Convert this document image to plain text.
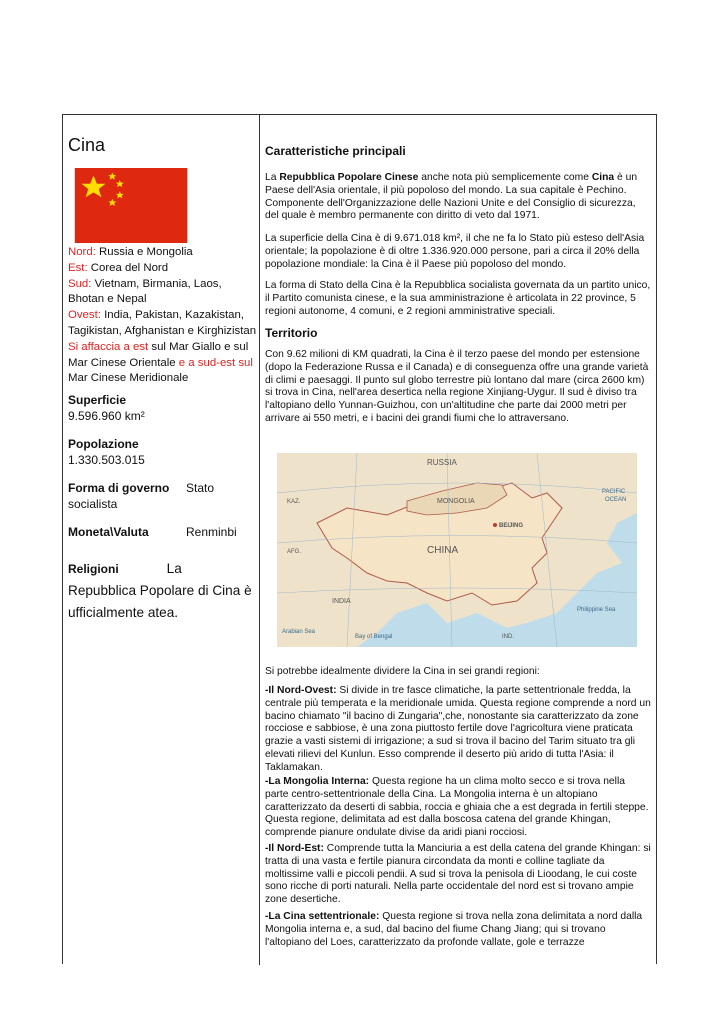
Cina
Nord: Russia e Mongolia
Est: Corea del Nord
Sud: Vietnam, Birmania, Laos,
Bhotan e Nepal
Ovest: India, Pakistan, Kazakistan,
Tagikistan, Afghanistan e Kirghizistan
Si affaccia a est sul Mar Giallo e sul
Mar Cinese Orientale e a sud-est sul
Mar Cinese Meridionale
Superficie
9.596.960 km²
Popolazione
1.330.503.015
Forma di governo Stato
socialista
Moneta\Valuta	Renminbi
Religioni	La
Repubblica Popolare di Cina è ufficialmente atea.
Caratteristiche principali

La Repubblica Popolare Cinese anche nota più semplicemente come Cina è un Paese dell'Asia orientale, il più popoloso del mondo. La sua capitale è Pechino. Componente dell'Organizzazione delle Nazioni Unite e del Consiglio di sicurezza, del quale è membro permanente con diritto di veto dal 1971.

La superficie della Cina è di 9.671.018 km², il che ne fa lo Stato più esteso dell'Asia orientale; la popolazione è di oltre 1.336.920.000 persone, pari a circa il 20% della popolazione mondiale: la Cina è il Paese più popoloso del mondo.

La forma di Stato della Cina è la Repubblica socialista governata da un partito unico, il Partito comunista cinese, e la sua amministrazione è articolata in 22 province, 5 regioni autonome, 4 comuni, e 2 regioni amministrative speciali.

Territorio

Con 9.62 milioni di KM quadrati, la Cina è il terzo paese del mondo per estensione (dopo la Federazione Russa e il Canada) e di conseguenza offre una grande varietà di climi e paesaggi. Il punto sul globo terrestre più lontano dal mare (circa 2600 km) si trova in Cina, nell'area desertica nella regione Xinjiang-Uygur. Il sud è diviso tra l'altopiano dello Yunnan-Guizhou, con un'altitudine che parte dai 2000 metri per arrivare ai 550 metri, e i bacini dei grandi fiumi che lo attraversano.

RUSSIA
MONGOLIA
BEIJING
CHINA
PACIFIC
OCEAN
Philippine Sea
Arabian Sea
Bay of Bengal
KAZ.
AFG.
INDIA
IND.

Si potrebbe idealmente dividere la Cina in sei grandi regioni:

-Il Nord-Ovest: Si divide in tre fasce climatiche, la parte settentrionale fredda, la centrale più temperata e la meridionale umida. Questa regione comprende a nord un bacino chiamato "il bacino di Zungaria",che, nonostante sia caratterizzato da zone rocciose e sabbiose, è una zona piuttosto fertile dove l'agricoltura viene praticata grazie a vasti sistemi di irrigazione; a sud si trova il bacino del Tarim situato tra gli elevati rilievi del Kunlun. Esso comprende il deserto più arido di tutta l'Asia: il Taklamakan.

-La Mongolia Interna: Questa regione ha un clima molto secco e si trova nella parte centro-settentrionale della Cina. La Mongolia interna è un altopiano caratterizzato da deserti di sabbia, roccia e ghiaia che a est degrada in fertili steppe. Questa regione, delimitata ad est dalla boscosa catena del grande Khingan, comprende pianure ondulate divise da aridi piani rocciosi.

-Il Nord-Est: Comprende tutta la Manciuria a est della catena del grande Khingan: si tratta di una vasta e fertile pianura circondata da monti e colline tagliate da moltissime valli e piccoli pendii. A sud si trova la penisola di Lioodang, le cui coste sono ricche di porti naturali. Nella parte occidentale del nord est si trovano ampie zone desertiche.

-La Cina settentrionale: Questa regione si trova nella zona delimitata a nord dalla Mongolia interna e, a sud, dal bacino del fiume Chang Jiang; qui si trovano l'altopiano del Loes, caratterizzato da profonde vallate, gole e terrazze
